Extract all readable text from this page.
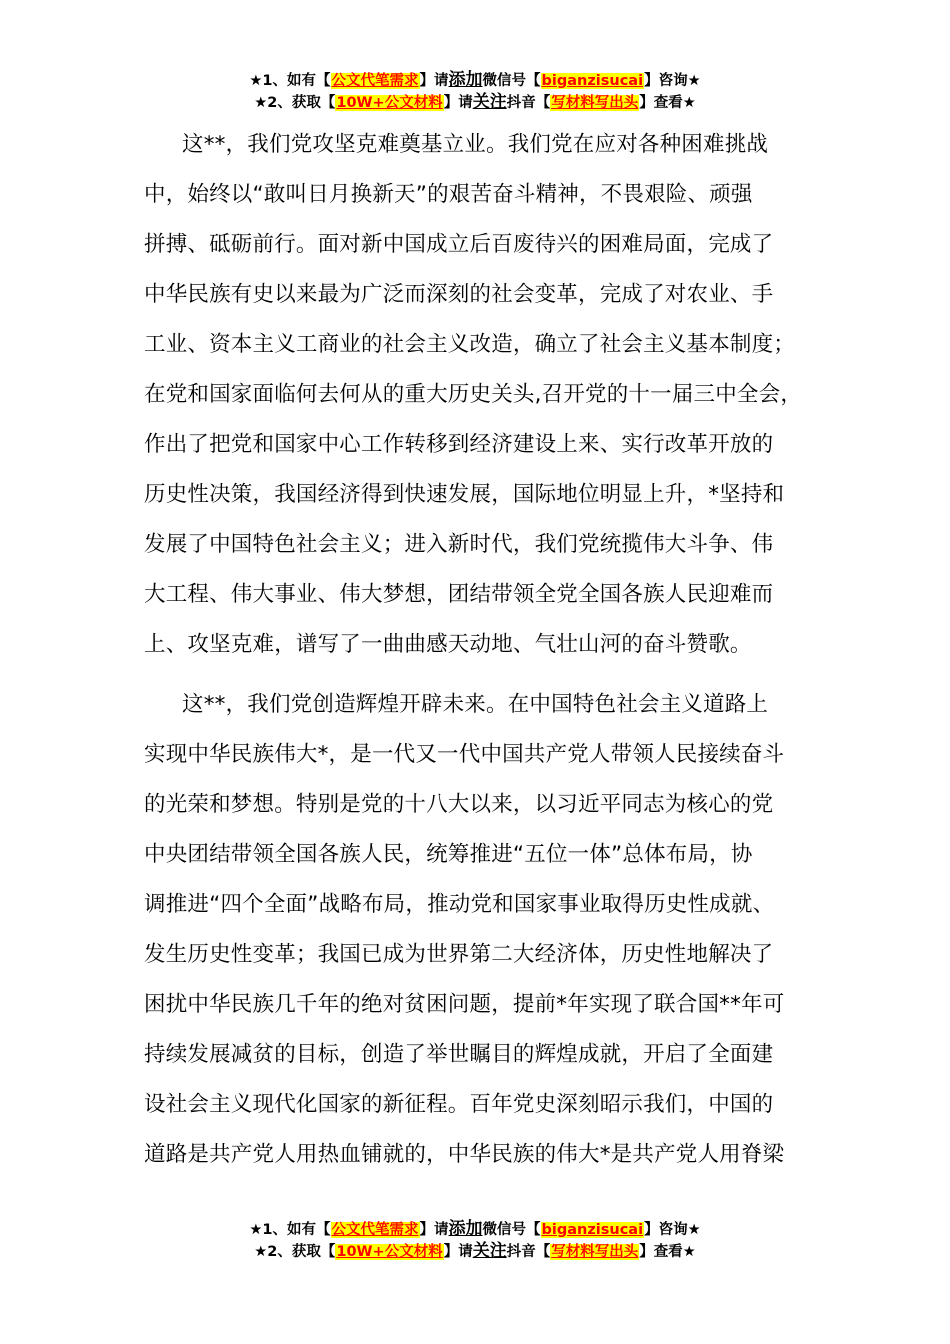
★1、如有【公文代笔需求】请添加微信号【biganzisucai】咨询★
★2、获取【10W+公文材料】请关注抖音【写材料写出头】查看★
这**，我们党攻坚克难奠基立业。我们党在应对各种困难挑战
中，始终以“敢叫日月换新天”的艰苦奋斗精神，不畏艰险、顽强
拼搏、砥砺前行。面对新中国成立后百废待兴的困难局面，完成了
中华民族有史以来最为广泛而深刻的社会变革，完成了对农业、手
工业、资本主义工商业的社会主义改造，确立了社会主义基本制度；
在党和国家面临何去何从的重大历史关头,召开党的十一届三中全会，
作出了把党和国家中心工作转移到经济建设上来、实行改革开放的
历史性决策，我国经济得到快速发展，国际地位明显上升，*坚持和
发展了中国特色社会主义；进入新时代，我们党统揽伟大斗争、伟
大工程、伟大事业、伟大梦想，团结带领全党全国各族人民迎难而
上、攻坚克难，谱写了一曲曲感天动地、气壮山河的奋斗赞歌。
这**，我们党创造辉煌开辟未来。在中国特色社会主义道路上
实现中华民族伟大*，是一代又一代中国共产党人带领人民接续奋斗
的光荣和梦想。特别是党的十八大以来，以习近平同志为核心的党
中央团结带领全国各族人民，统筹推进“五位一体”总体布局，协
调推进“四个全面”战略布局，推动党和国家事业取得历史性成就、
发生历史性变革；我国已成为世界第二大经济体，历史性地解决了
困扰中华民族几千年的绝对贫困问题，提前*年实现了联合国**年可
持续发展减贫的目标，创造了举世瞩目的辉煌成就，开启了全面建
设社会主义现代化国家的新征程。百年党史深刻昭示我们，中国的
道路是共产党人用热血铺就的，中华民族的伟大*是共产党人用脊梁
★1、如有【公文代笔需求】请添加微信号【biganzisucai】咨询★
★2、获取【10W+公文材料】请关注抖音【写材料写出头】查看★
